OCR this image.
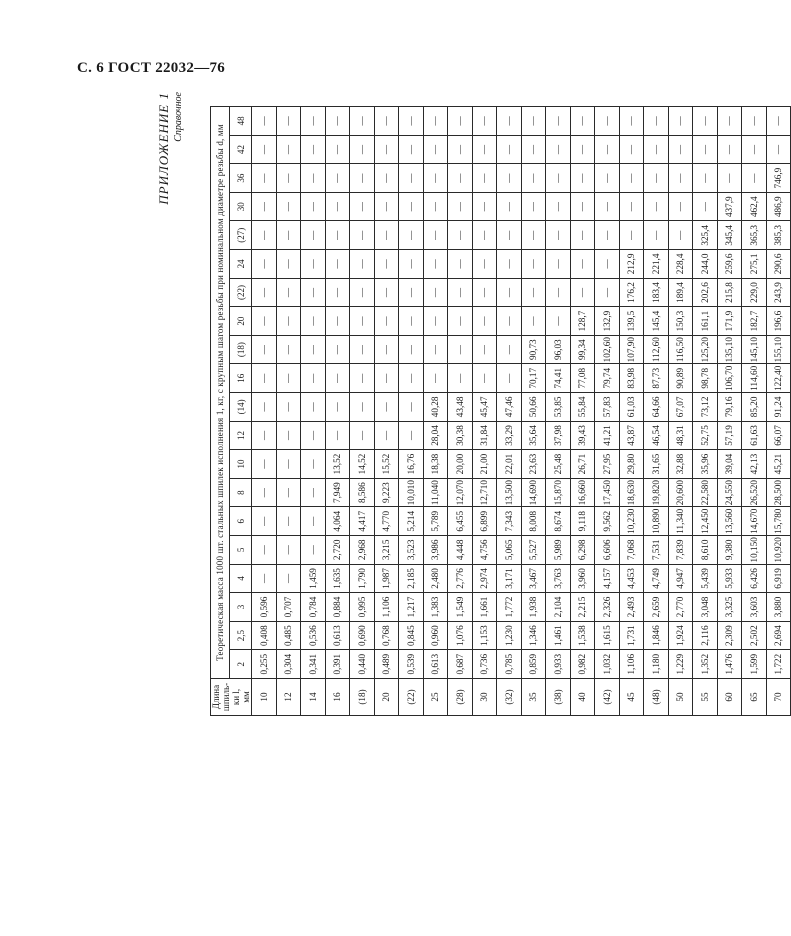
С. 6 ГОСТ 22032—76
ПРИЛОЖЕНИЕ 1 Справочное
Длина
шпиль-
ки l,
мм	Теоретическая масса 1000 шт. стальных шпилек исполнения 1, кг, с крупным шагом резьбы при номинальном диаметре резьбы d, мм																			
	2	2,5	3	4	5	6	8	10	12	(14)	16	(18)	20	(22)	24	(27)	30	36	42	48
10	0,255	0,408	0,596	—	—	—	—	—	—	—	—	—	—	—	—	—	—	—	—	—
12	0,304	0,485	0,707	—	—	—	—	—	—	—	—	—	—	—	—	—	—	—	—	—
14	0,341	0,536	0,784	1,459	—	—	—	—	—	—	—	—	—	—	—	—	—	—	—	—
16	0,391	0,613	0,884	1,635	2,720	4,064	7,949	13,52	—	—	—	—	—	—	—	—	—	—	—	—
(18)	0,440	0,690	0,995	1,790	2,968	4,417	8,586	14,52	—	—	—	—	—	—	—	—	—	—	—	—
20	0,489	0,768	1,106	1,987	3,215	4,770	9,223	15,52	—	—	—	—	—	—	—	—	—	—	—	—
(22)	0,539	0,845	1,217	2,185	3,523	5,214	10,010	16,76	—	—	—	—	—	—	—	—	—	—	—	—
25	0,613	0,960	1,383	2,480	3,986	5,789	11,040	18,38	28,04	40,28	—	—	—	—	—	—	—	—	—	—
(28)	0,687	1,076	1,549	2,776	4,448	6,455	12,070	20,00	30,38	43,48	—	—	—	—	—	—	—	—	—	—
30	0,736	1,153	1,661	2,974	4,756	6,899	12,710	21,00	31,84	45,47	—	—	—	—	—	—	—	—	—	—
(32)	0,785	1,230	1,772	3,171	5,065	7,343	13,500	22,01	33,29	47,46	—	—	—	—	—	—	—	—	—	—
35	0,859	1,346	1,938	3,467	5,527	8,008	14,690	23,63	35,64	50,66	70,17	90,73	—	—	—	—	—	—	—	—
(38)	0,933	1,461	2,104	3,763	5,989	8,674	15,870	25,48	37,98	53,85	74,41	96,03	—	—	—	—	—	—	—	—
40	0,982	1,538	2,215	3,960	6,298	9,118	16,660	26,71	39,43	55,84	77,08	99,34	128,7	—	—	—	—	—	—	—
(42)	1,032	1,615	2,326	4,157	6,606	9,562	17,450	27,95	41,21	57,83	79,74	102,60	132,9	—	—	—	—	—	—	—
45	1,106	1,731	2,493	4,453	7,068	10,230	18,630	29,80	43,87	61,03	83,98	107,90	139,5	176,2	212,9	—	—	—	—	—
(48)	1,180	1,846	2,659	4,749	7,531	10,890	19,820	31,65	46,54	64,66	87,73	112,60	145,4	183,4	221,4	—	—	—	—	—
50	1,229	1,924	2,770	4,947	7,839	11,340	20,600	32,88	48,31	67,07	90,89	116,50	150,3	189,4	228,4	—	—	—	—	—
55	1,352	2,116	3,048	5,439	8,610	12,450	22,580	35,96	52,75	73,12	98,78	125,20	161,1	202,6	244,0	325,4	—	—	—	—
60	1,476	2,309	3,325	5,933	9,380	13,560	24,550	39,04	57,19	79,16	106,70	135,10	171,9	215,8	259,6	345,4	437,9	—	—	—
65	1,599	2,502	3,603	6,426	10,150	14,670	26,520	42,13	61,63	85,20	114,60	145,10	182,7	229,0	275,1	365,3	462,4	—	—	—
70	1,722	2,694	3,880	6,919	10,920	15,780	28,500	45,21	66,07	91,24	122,40	155,10	196,6	243,9	290,6	385,3	486,9	746,9	—	—
